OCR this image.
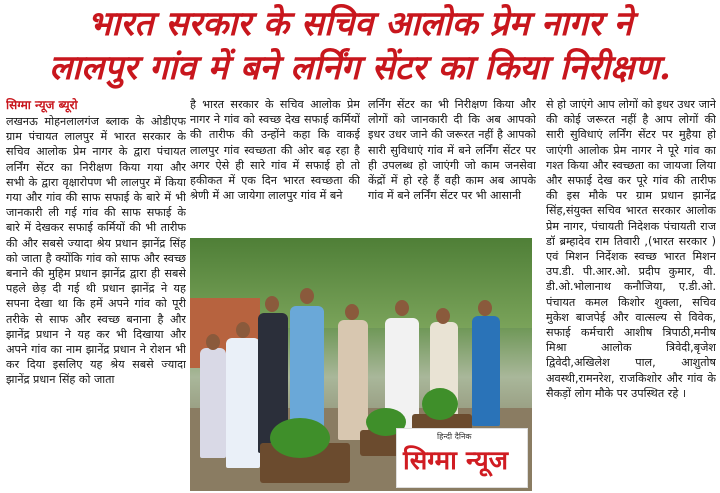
भारत सरकार के सचिव आलोक प्रेम नागर ने
लालपुर गांव में बने लर्निंग सेंटर का किया निरीक्षण.
सिग्मा न्यूज ब्यूरो

लखनऊ मोहनलालगंज ब्लाक के ओडीएफ ग्राम पंचायत लालपुर में भारत सरकार के सचिव आलोक प्रेम नागर के द्वारा पंचायत लर्निंग सेंटर का निरीक्षण किया गया और सभी के द्वारा वृक्षारोपण भी लालपुर में किया गया और गांव की साफ सफाई के बारे में भी जानकारी ली गई गांव की साफ सफाई के बारे में देखकर सफाई कर्मियों की भी तारीफ की और सबसे ज्यादा श्रेय प्रधान झानेंद्र सिंह को जाता है क्योंकि गांव को साफ और स्वच्छ बनाने की मुहिम प्रधान झानेंद्र द्वारा ही सबसे पहले छेड़ दी गई थी प्रधान झानेंद्र ने यह सपना देखा था कि हमें अपने गांव को पूरी तरीके से साफ और स्वच्छ बनाना है और झानेंद्र प्रधान ने यह कर भी दिखाया और अपने गांव का नाम झानेंद्र प्रधान ने रोशन भी कर दिया इसलिए यह श्रेय सबसे ज्यादा झानेंद्र प्रधान सिंह को जाता

है भारत सरकार के सचिव आलोक प्रेम नागर ने गांव को स्वच्छ देख सफाई कर्मियों की तारीफ की उन्होंने कहा कि वाकई लालपुर गांव स्वच्छता की ओर बढ़ रहा है अगर ऐसे ही सारे गांव में सफाई हो तो हकीकत में एक दिन भारत स्वच्छता की श्रेणी में आ जायेगा लालपुर गांव में बने

लर्निंग सेंटर का भी निरीक्षण किया और लोगों को जानकारी दी कि अब आपको इधर उधर जाने की जरूरत नहीं है आपको सारी सुविधाएं गांव में बने लर्निंग सेंटर पर ही उपलब्ध हो जाएंगी जो काम जनसेवा केंद्रों में हो रहे हैं वही काम अब आपके गांव में बने लर्निंग सेंटर पर भी आसानी

से हो जाएंगे आप लोगों को इधर उधर जाने की कोई जरूरत नहीं है आप लोगों की सारी सुविधाएं लर्निंग सेंटर पर मुहैया हो जाएंगी आलोक प्रेम नागर ने पूरे गांव का गश्त किया और स्वच्छता का जायजा लिया और सफाई देख कर पूरे गांव की तारीफ की इस मौके पर ग्राम प्रधान झानेंद्र सिंह,संयुक्त सचिव भारत सरकार आलोक प्रेम नागर, पंचायती निदेशक पंचायती राज डॉ ब्रम्हादेव राम तिवारी ,(भारत सरकार ) एवं मिशन निर्देशक स्वच्छ भारत मिशन उप.डी. पी.आर.ओ. प्रदीप कुमार, वी. डी.ओ.भोलानाथ कनौजिया, ए.डी.ओ. पंचायत कमल किशोर शुक्ला, सचिव मुकेश बाजपेई और वात्सल्य से विवेक, सफाई कर्मचारी आशीष त्रिपाठी,मनीष मिश्रा आलोक त्रिवेदी,बृजेश द्विवेदी,अखिलेश पाल, आशुतोष अवस्थी,रामनरेश, राजकिशोर और गांव के सैकड़ों लोग मौके पर उपस्थित रहे ।

हिन्दी दैनिक
सिग्मा न्यूज
